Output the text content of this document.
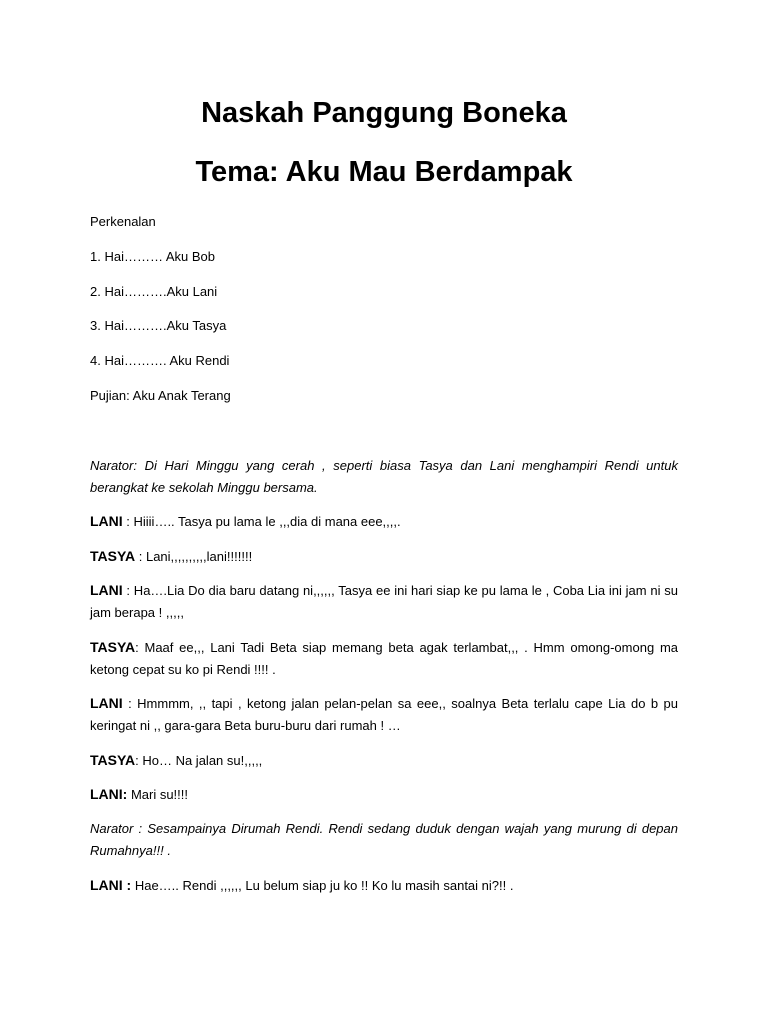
Naskah Panggung Boneka
Tema: Aku Mau Berdampak

Perkenalan

1. Hai……… Aku Bob

2. Hai……….Aku Lani

3. Hai……….Aku Tasya

4. Hai………. Aku Rendi

Pujian: Aku Anak Terang

Narator: Di Hari Minggu yang cerah , seperti biasa Tasya dan Lani menghampiri Rendi untuk berangkat ke sekolah Minggu bersama.

LANI : Hiiii….. Tasya pu lama le ,,,dia di mana eee,,,,.

TASYA : Lani,,,,,,,,,,lani!!!!!!!

LANI : Ha….Lia Do dia baru datang ni,,,,,, Tasya ee ini hari siap ke pu lama le , Coba Lia ini jam ni su jam berapa ! ,,,,,

TASYA: Maaf ee,,, Lani Tadi Beta siap memang beta agak terlambat,,, . Hmm omong-omong ma ketong cepat su ko pi Rendi !!!! .

LANI : Hmmmm, ,, tapi , ketong jalan pelan-pelan sa eee,, soalnya Beta terlalu cape Lia do b pu keringat ni ,, gara-gara Beta buru-buru dari rumah ! …

TASYA: Ho… Na jalan su!,,,,,

LANI: Mari su!!!!

Narator : Sesampainya Dirumah Rendi. Rendi sedang duduk dengan wajah yang murung di depan Rumahnya!!! .

LANI : Hae….. Rendi ,,,,,, Lu belum siap ju ko !! Ko lu masih santai ni?!! .
